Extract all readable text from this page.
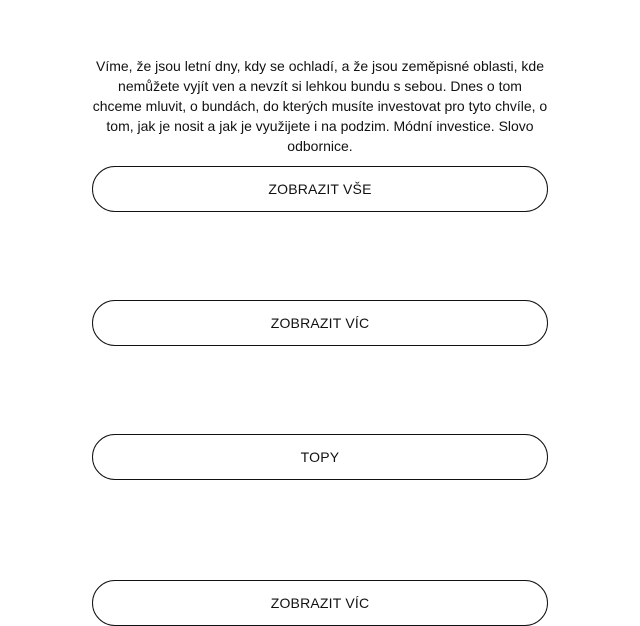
Víme, že jsou letní dny, kdy se ochladí, a že jsou zeměpisné oblasti, kde nemůžete vyjít ven a nevzít si lehkou bundu s sebou. Dnes o tom chceme mluvit, o bundách, do kterých musíte investovat pro tyto chvíle, o tom, jak je nosit a jak je využijete i na podzim. Módní investice. Slovo odbornice.

ZOBRAZIT VŠE
ZOBRAZIT VÍC
TOPY
ZOBRAZIT VÍC
